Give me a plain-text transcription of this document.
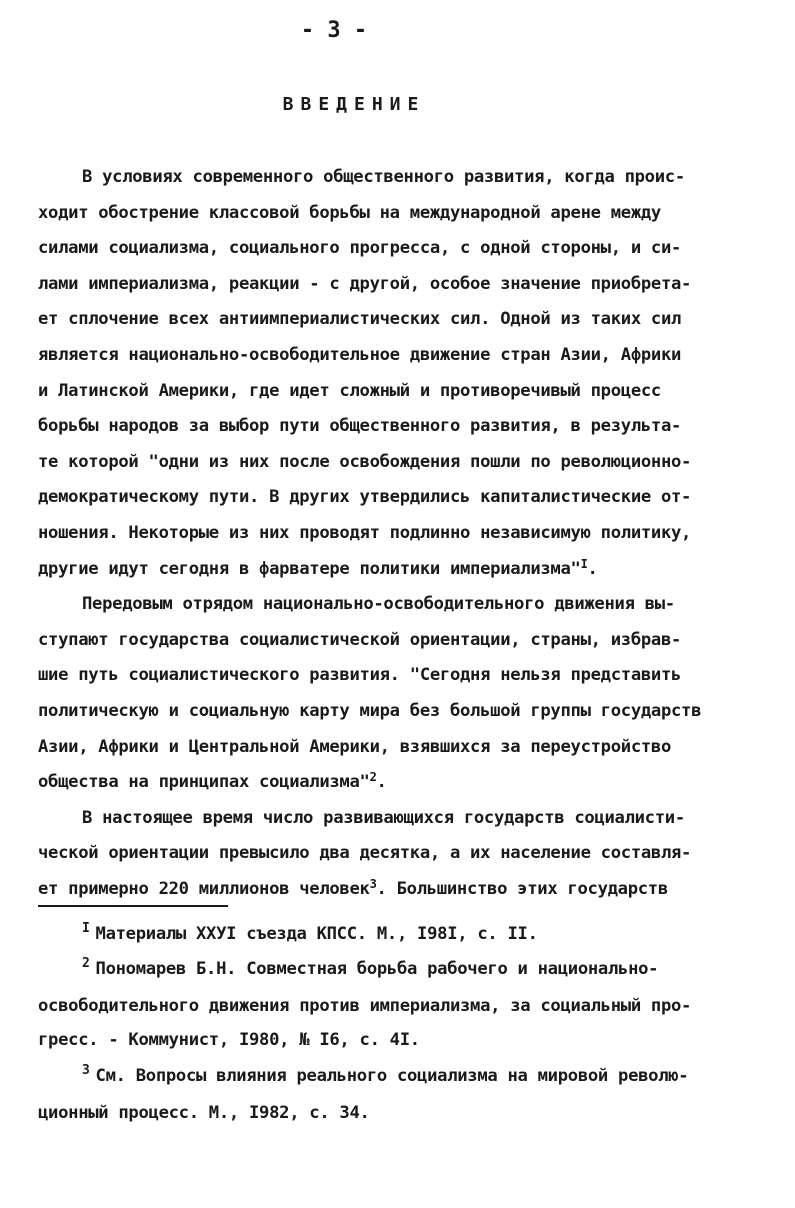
- 3 -
ВВЕДЕНИЕ
В условиях современного общественного развития, когда проис-
ходит обострение классовой борьбы на международной арене между
силами социализма, социального прогресса, с одной стороны, и си-
лами империализма, реакции - с другой, особое значение приобрета-
ет сплочение всех антиимпериалистических сил. Одной из таких сил
является национально-освободительное движение стран Азии, Африки
и Латинской Америки, где идет сложный и противоречивый процесс
борьбы народов за выбор пути общественного развития, в результа-
те которой "одни из них после освобождения пошли по революционно-
демократическому пути. В других утвердились капиталистические от-
ношения. Некоторые из них проводят подлинно независимую политику,
другие идут сегодня в фарватере политики империализма"$^I$.
Передовым отрядом национально-освободительного движения вы-
ступают государства социалистической ориентации, страны, избрав-
шие путь социалистического развития. "Сегодня нельзя представить
политическую и социальную карту мира без большой группы государств
Азии, Африки и Центральной Америки, взявшихся за переустройство
общества на принципах социализма"$^2$.
В настоящее время число развивающихся государств социалисти-
ческой ориентации превысило два десятка, а их население составля-
ет примерно 220 миллионов человек$^3$. Большинство этих государств
$^I$ Материалы XXУI съезда КПСС. М., I98I, с. II.
$^2$ Пономарев Б.Н. Совместная борьба рабочего и национально-
освободительного движения против империализма, за социальный про-
гресс. - Коммунист, I980, № I6, с. 4I.
$^3$ См. Вопросы влияния реального социализма на мировой револю-
ционный процесс. М., I982, с. 34.
